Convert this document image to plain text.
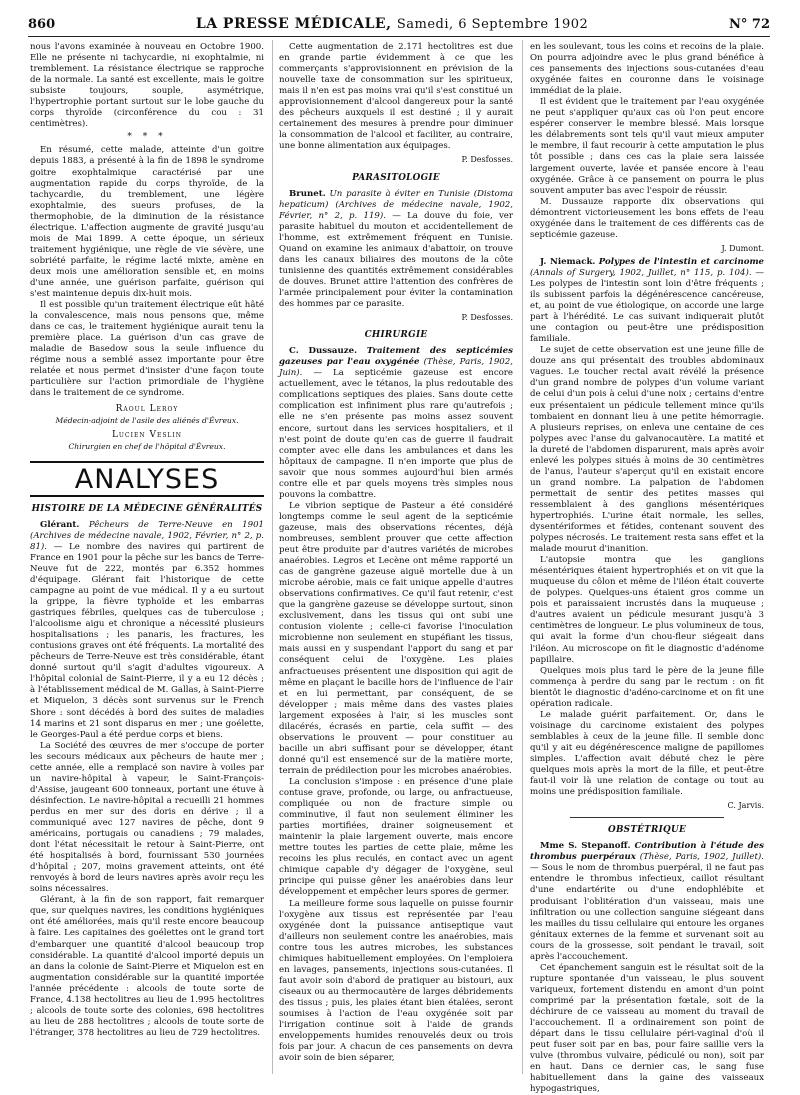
860	LA PRESSE MÉDICALE, Samedi, 6 Septembre 1902	N° 72

nous l'avons examinée à nouveau en Octobre 1900. Elle ne présente ni tachycardie, ni exophtalmie, ni tremblement. La résistance électrique se rapproche de la normale. La santé est excellente, mais le goitre subsiste toujours, souple, asymétrique, l'hypertrophie portant surtout sur le lobe gauche du corps thyroïde (circonférence du cou : 31 centimètres).

* * *

En résumé, cette malade, atteinte d'un goitre depuis 1883, a présenté à la fin de 1898 le syndrome goitre exophtalmique caractérisé par une augmentation rapide du corps thyroïde, de la tachycardie, du tremblement, une légère exophtalmie, des sueurs profuses, de la thermophobie, de la diminution de la résistance électrique. L'affection augmente de gravité jusqu'au mois de Mai 1899. A cette époque, un sérieux traitement hygiénique, une règle de vie sévère, une sobriété parfaite, le régime lacté mixte, amène en deux mois une amélioration sensible et, en moins d'une année, une guérison parfaite, guérison qui s'est maintenue depuis dix-huit mois.

Il est possible qu'un traitement électrique eût hâté la convalescence, mais nous pensons que, même dans ce cas, le traitement hygiénique aurait tenu la première place. La guérison d'un cas grave de maladie de Basedow sous la seule influence du régime nous a semblé assez importante pour être relatée et nous permet d'insister d'une façon toute particulière sur l'action primordiale de l'hygiène dans le traitement de ce syndrome.

Raoul Leroy

Médecin-adjoint de l'asile des aliénés d'Évreux.

Lucien Veslin

Chirurgien en chef de l'hôpital d'Évreux.

ANALYSES

HISTOIRE DE LA MÉDECINE GÉNÉRALITÉS

Glérant. Pêcheurs de Terre-Neuve en 1901 (Archives de médecine navale, 1902, Février, n° 2, p. 81). — Le nombre des navires qui partirent de France en 1901 pour la pêche sur les bancs de Terre-Neuve fut de 222, montés par 6.352 hommes d'équipage. Glérant fait l'historique de cette campagne au point de vue médical. Il y a eu surtout la grippe, la fièvre typhoïde et les embarras gastriques fébriles, quelques cas de tuberculose ; l'alcoolisme aigu et chronique a nécessité plusieurs hospitalisations ; les panaris, les fractures, les contusions graves ont été fréquents. La mortalité des pêcheurs de Terre-Neuve est très considérable, étant donné surtout qu'il s'agit d'adultes vigoureux. A l'hôpital colonial de Saint-Pierre, il y a eu 12 décès ; à l'établissement médical de M. Gallas, à Saint-Pierre et Miquelon, 3 décès sont survenus sur le French Shore : sont décédés à bord des suites de maladies 14 marins et 21 sont disparus en mer ; une goélette, le Georges-Paul a été perdue corps et biens.

La Société des œuvres de mer s'occupe de porter les secours médicaux aux pêcheurs de haute mer ; cette année, elle a remplacé son navire à voiles par un navire-hôpital à vapeur, le Saint-François-d'Assise, jaugeant 600 tonneaux, portant une étuve à désinfection. Le navire-hôpital a recueilli 21 hommes perdus en mer sur des doris en dérive ; il a communiqué avec 127 navires de pêche, dont 9 américains, portugais ou canadiens ; 79 malades, dont l'état nécessitait le retour à Saint-Pierre, ont été hospitalisés à bord, fournissant 530 journées d'hôpital ; 207, moins gravement atteints, ont été renvoyés à bord de leurs navires après avoir reçu les soins nécessaires.

Glérant, à la fin de son rapport, fait remarquer que, sur quelques navires, les conditions hygiéniques ont été améliorées, mais qu'il reste encore beaucoup à faire. Les capitaines des goélettes ont le grand tort d'embarquer une quantité d'alcool beaucoup trop considérable. La quantité d'alcool importé depuis un an dans la colonie de Saint-Pierre et Miquelon est en augmentation considérable sur la quantité importée l'année précédente : alcools de toute sorte de France, 4.138 hectolitres au lieu de 1.995 hectolitres ; alcools de toute sorte des colonies, 698 hectolitres au lieu de 288 hectolitres ; alcools de toute sorte de l'étranger, 378 hectolitres au lieu de 729 hectolitres.

Cette augmentation de 2.171 hectolitres est due en grande partie évidemment à ce que les commerçants s'approvisionnent en prévision de la nouvelle taxe de consommation sur les spiritueux, mais il n'en est pas moins vrai qu'il s'est constitué un approvisionnement d'alcool dangereux pour la santé des pêcheurs auxquels il est destiné ; il y aurait certainement des mesures à prendre pour diminuer la consommation de l'alcool et faciliter, au contraire, une bonne alimentation aux équipages.

P. Desfosses.

PARASITOLOGIE

Brunet. Un parasite à éviter en Tunisie (Distoma hepaticum) (Archives de médecine navale, 1902, Février, n° 2, p. 119). — La douve du foie, ver parasite habituel du mouton et accidentellement de l'homme, est extrêmement fréquent en Tunisie. Quand on examine les animaux d'abattoir, on trouve dans les canaux biliaires des moutons de la côte tunisienne des quantités extrêmement considérables de douves. Brunet attire l'attention des confrères de l'armée principalement pour éviter la contamination des hommes par ce parasite.

P. Desfosses.

CHIRURGIE

C. Dussauze. Traitement des septicémies gazeuses par l'eau oxygénée (Thèse, Paris, 1902, Juin). — La septicémie gazeuse est encore actuellement, avec le tétanos, la plus redoutable des complications septiques des plaies. Sans doute cette complication est infiniment plus rare qu'autrefois ; elle ne s'en présente pas moins assez souvent encore, surtout dans les services hospitaliers, et il n'est point de doute qu'en cas de guerre il faudrait compter avec elle dans les ambulances et dans les hôpitaux de campagne. Il n'en importe que plus de savoir que nous sommes aujourd'hui bien armés contre elle et par quels moyens très simples nous pouvons la combattre.

Le vibrion septique de Pasteur a été considéré longtemps comme le seul agent de la septicémie gazeuse, mais des observations récentes, déjà nombreuses, semblent prouver que cette affection peut être produite par d'autres variétés de microbes anaérobies. Legros et Lecène ont même rapporté un cas de gangrène gazeuse aiguë mortelle due à un microbe aérobie, mais ce fait unique appelle d'autres observations confirmatives. Ce qu'il faut retenir, c'est que la gangrène gazeuse se développe surtout, sinon exclusivement, dans les tissus qui ont subi une contusion violente ; celle-ci favorise l'inoculation microbienne non seulement en stupéfiant les tissus, mais aussi en y suspendant l'apport du sang et par conséquent celui de l'oxygène. Les plaies anfractueuses présentent une disposition qui agit de même en plaçant le bacille hors de l'influence de l'air et en lui permettant, par conséquent, de se développer ; mais même dans des vastes plaies largement exposées à l'air, si les muscles sont dilacérés, écrasés en partie, cela suffit — des observations le prouvent — pour constituer au bacille un abri suffisant pour se développer, étant donné qu'il est ensemencé sur de la matière morte, terrain de prédilection pour les microbes anaérobies.

La conclusion s'impose : en présence d'une plaie contuse grave, profonde, ou large, ou anfractueuse, compliquée ou non de fracture simple ou comminutive, il faut non seulement éliminer les parties mortifiées, drainer soigneusement et maintenir la plaie largement ouverte, mais encore mettre toutes les parties de cette plaie, même les recoins les plus reculés, en contact avec un agent chimique capable d'y dégager de l'oxygène, seul principe qui puisse gêner les anaérobies dans leur développement et empêcher leurs spores de germer.

La meilleure forme sous laquelle on puisse fournir l'oxygène aux tissus est représentée par l'eau oxygénée dont la puissance antiseptique vaut d'ailleurs non seulement contre les anaérobies, mais contre tous les autres microbes, les substances chimiques habituellement employées. On l'emploiera en lavages, pansements, injections sous-cutanées. Il faut avoir soin d'abord de pratiquer au bistouri, aux ciseaux ou au thermocautère de larges débridements des tissus ; puis, les plaies étant bien étalées, seront soumises à l'action de l'eau oxygénée soit par l'irrigation continue soit à l'aide de grands enveloppements humides renouvelés deux ou trois fois par jour. A chacun de ces pansements on devra avoir soin de bien séparer,

en les soulevant, tous les coins et recoins de la plaie. On pourra adjoindre avec le plus grand bénéfice à ces pansements des injections sous-cutanées d'eau oxygénée faites en couronne dans le voisinage immédiat de la plaie.

Il est évident que le traitement par l'eau oxygénée ne peut s'appliquer qu'aux cas où l'on peut encore espérer conserver le membre blessé. Mais lorsque les délabrements sont tels qu'il vaut mieux amputer le membre, il faut recourir à cette amputation le plus tôt possible ; dans ces cas la plaie sera laissée largement ouverte, lavée et pansée encore à l'eau oxygénée. Grâce à ce pansement on pourra le plus souvent amputer bas avec l'espoir de réussir.

M. Dussauze rapporte dix observations qui démontrent victorieusement les bons effets de l'eau oxygénée dans le traitement de ces différents cas de septicémie gazeuse.

J. Dumont.

J. Niemack. Polypes de l'intestin et carcinome (Annals of Surgery, 1902, Juillet, n° 115, p. 104). — Les polypes de l'intestin sont loin d'être fréquents ; ils subissent parfois la dégénérescence cancéreuse, et, au point de vue étiologique, on accorde une large part à l'hérédité. Le cas suivant indiquerait plutôt une contagion ou peut-être une prédisposition familiale.

Le sujet de cette observation est une jeune fille de douze ans qui présentait des troubles abdominaux vagues. Le toucher rectal avait révélé la présence d'un grand nombre de polypes d'un volume variant de celui d'un pois à celui d'une noix ; certains d'entre eux présentaient un pédicule tellement mince qu'ils tombaient en donnant lieu à une petite hémorragie. A plusieurs reprises, on enleva une centaine de ces polypes avec l'anse du galvanocautère. La matité et la dureté de l'abdomen disparurent, mais après avoir enlevé les polypes situés à moins de 30 centimètres de l'anus, l'auteur s'aperçut qu'il en existait encore un grand nombre. La palpation de l'abdomen permettait de sentir des petites masses qui ressemblaient à des ganglions mésentériques hypertrophiés. L'urine était normale, les selles, dysentériformes et fétides, contenant souvent des polypes nécrosés. Le traitement resta sans effet et la malade mourut d'inanition.

L'autopsie montra que les ganglions mésentériques étaient hypertrophiés et on vit que la muqueuse du côlon et même de l'iléon était couverte de polypes. Quelques-uns étaient gros comme un pois et paraissaient incrustés dans la muqueuse ; d'autres avaient un pédicule mesurant jusqu'à 3 centimètres de longueur. Le plus volumineux de tous, qui avait la forme d'un chou-fleur siégeait dans l'iléon. Au microscope on fit le diagnostic d'adénome papillaire.

Quelques mois plus tard le père de la jeune fille commença à perdre du sang par le rectum : on fit bientôt le diagnostic d'adéno-carcinome et on fit une opération radicale.

Le malade guérit parfaitement. Or, dans le voisinage du carcinome existaient des polypes semblables à ceux de la jeune fille. Il semble donc qu'il y ait eu dégénérescence maligne de papillomes simples. L'affection avait débuté chez le père quelques mois après la mort de la fille, et peut-être faut-il voir là une relation de contage ou tout au moins une prédisposition familiale.

C. Jarvis.

OBSTÉTRIQUE

Mme S. Stepanoff. Contribution à l'étude des thrombus puerpéraux (Thèse, Paris, 1902, Juillet). — Sous le nom de thrombus puerpéral, il ne faut pas entendre le thrombus infectieux, caillot résultant d'une endartérite ou d'une endophlébite et produisant l'oblitération d'un vaisseau, mais une infiltration ou une collection sanguine siégeant dans les mailles du tissu cellulaire qui entoure les organes génitaux externes de la femme et survenant soit au cours de la grossesse, soit pendant le travail, soit après l'accouchement.

Cet épanchement sanguin est le résultat soit de la rupture spontanée d'un vaisseau, le plus souvent variqueux, fortement distendu en amont d'un point comprimé par la présentation fœtale, soit de la déchirure de ce vaisseau au moment du travail de l'accouchement. Il a ordinairement son point de départ dans le tissu cellulaire péri-vaginal d'où il peut fuser soit par en bas, pour faire saillie vers la vulve (thrombus vulvaire, pédiculé ou non), soit par en haut. Dans ce dernier cas, le sang fuse habituellement dans la gaine des vaisseaux hypogastriques,
